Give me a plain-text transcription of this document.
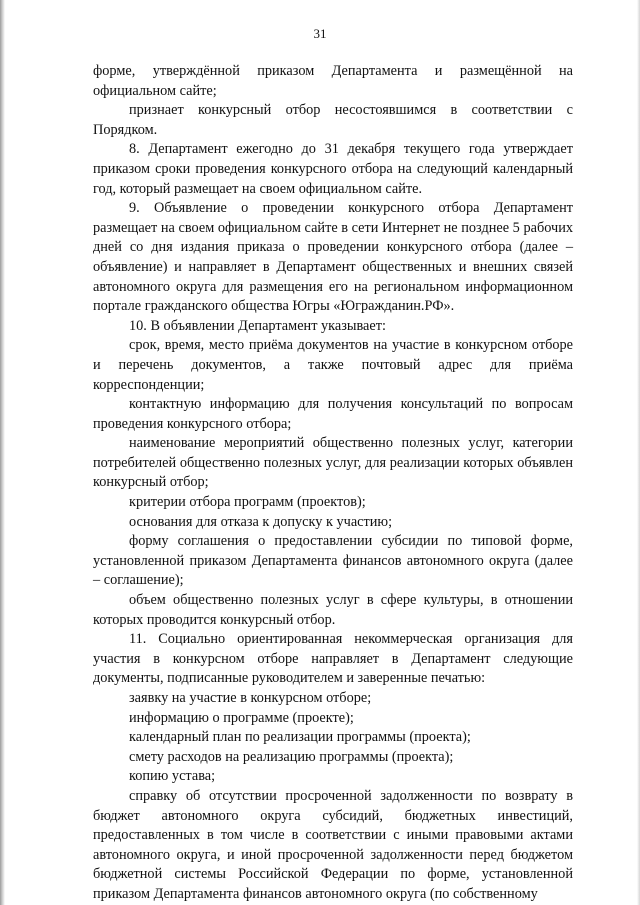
31

форме, утверждённой приказом Департамента и размещённой на официальном сайте;

признает конкурсный отбор несостоявшимся в соответствии с Порядком.

8. Департамент ежегодно до 31 декабря текущего года утверждает приказом сроки проведения конкурсного отбора на следующий календарный год, который размещает на своем официальном сайте.

9. Объявление о проведении конкурсного отбора Департамент размещает на своем официальном сайте в сети Интернет не позднее 5 рабочих дней со дня издания приказа о проведении конкурсного отбора (далее – объявление) и направляет в Департамент общественных и внешних связей автономного округа для размещения его на региональном информационном портале гражданского общества Югры «Югражданин.РФ».

10. В объявлении Департамент указывает:

срок, время, место приёма документов на участие в конкурсном отборе и перечень документов, а также почтовый адрес для приёма корреспонденции;

контактную информацию для получения консультаций по вопросам проведения конкурсного отбора;

наименование мероприятий общественно полезных услуг, категории потребителей общественно полезных услуг, для реализации которых объявлен конкурсный отбор;

критерии отбора программ (проектов);

основания для отказа к допуску к участию;

форму соглашения о предоставлении субсидии по типовой форме, установленной приказом Департамента финансов автономного округа (далее – соглашение);

объем общественно полезных услуг в сфере культуры, в отношении которых проводится конкурсный отбор.

11. Социально ориентированная некоммерческая организация для участия в конкурсном отборе направляет в Департамент следующие документы, подписанные руководителем и заверенные печатью:

заявку на участие в конкурсном отборе;

информацию о программе (проекте);

календарный план по реализации программы (проекта);

смету расходов на реализацию программы (проекта);

копию устава;

справку об отсутствии просроченной задолженности по возврату в бюджет автономного округа субсидий, бюджетных инвестиций, предоставленных в том числе в соответствии с иными правовыми актами автономного округа, и иной просроченной задолженности перед бюджетом бюджетной системы Российской Федерации по форме, установленной приказом Департамента финансов автономного округа (по собственному
